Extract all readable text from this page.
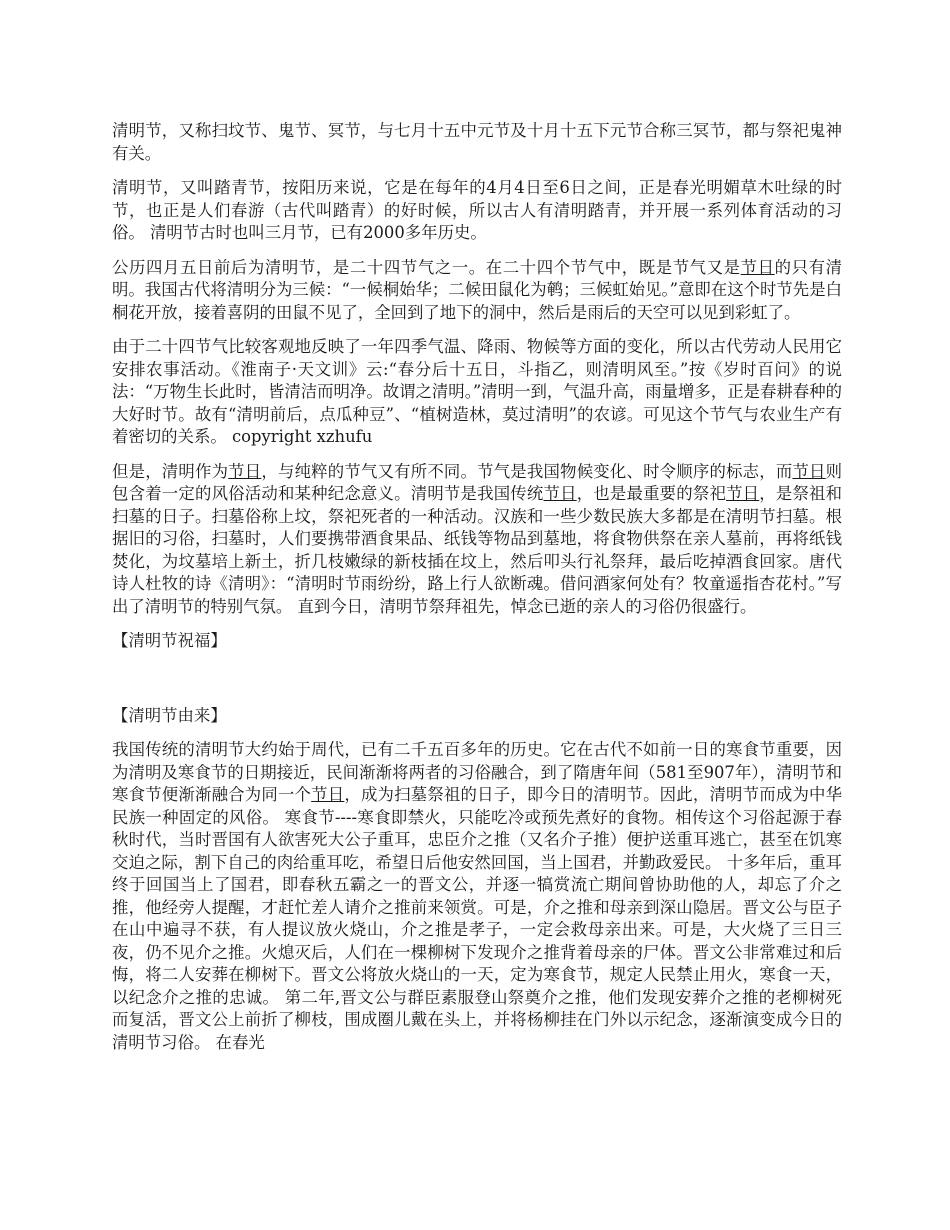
清明节，又称扫坟节、鬼节、冥节，与七月十五中元节及十月十五下元节合称三冥节，都与祭祀鬼神有关。

清明节，又叫踏青节，按阳历来说，它是在每年的4月4日至6日之间，正是春光明媚草木吐绿的时节，也正是人们春游（古代叫踏青）的好时候，所以古人有清明踏青，并开展一系列体育活动的习俗。 清明节古时也叫三月节，已有2000多年历史。

公历四月五日前后为清明节，是二十四节气之一。在二十四个节气中，既是节气又是节日的只有清明。我国古代将清明分为三候：“一候桐始华；二候田鼠化为鹌；三候虹始见。”意即在这个时节先是白桐花开放，接着喜阴的田鼠不见了，全回到了地下的洞中，然后是雨后的天空可以见到彩虹了。

由于二十四节气比较客观地反映了一年四季气温、降雨、物候等方面的变化，所以古代劳动人民用它安排农事活动。《淮南子·天文训》云:“春分后十五日，斗指乙，则清明风至。”按《岁时百问》的说法：“万物生长此时，皆清洁而明净。故谓之清明。”清明一到，气温升高，雨量增多，正是春耕春种的大好时节。故有“清明前后，点瓜种豆”、“植树造林，莫过清明”的农谚。可见这个节气与农业生产有着密切的关系。 copyright xzhufu

但是，清明作为节日，与纯粹的节气又有所不同。节气是我国物候变化、时令顺序的标志，而节日则包含着一定的风俗活动和某种纪念意义。清明节是我国传统节日，也是最重要的祭祀节日，是祭祖和扫墓的日子。扫墓俗称上坟，祭祀死者的一种活动。汉族和一些少数民族大多都是在清明节扫墓。根据旧的习俗，扫墓时，人们要携带酒食果品、纸钱等物品到墓地，将食物供祭在亲人墓前，再将纸钱焚化，为坟墓培上新土，折几枝嫩绿的新枝插在坟上，然后叩头行礼祭拜，最后吃掉酒食回家。唐代诗人杜牧的诗《清明》：“清明时节雨纷纷，路上行人欲断魂。借问酒家何处有？牧童遥指杏花村。”写出了清明节的特别气氛。 直到今日，清明节祭拜祖先，悼念已逝的亲人的习俗仍很盛行。

【清明节祝福】

【清明节由来】

我国传统的清明节大约始于周代，已有二千五百多年的历史。它在古代不如前一日的寒食节重要，因为清明及寒食节的日期接近，民间渐渐将两者的习俗融合，到了隋唐年间（581至907年），清明节和寒食节便渐渐融合为同一个节日，成为扫墓祭祖的日子，即今日的清明节。因此，清明节而成为中华民族一种固定的风俗。 寒食节----寒食即禁火，只能吃冷或预先煮好的食物。相传这个习俗起源于春秋时代，当时晋国有人欲害死大公子重耳，忠臣介之推（又名介子推）便护送重耳逃亡，甚至在饥寒交迫之际，割下自己的肉给重耳吃，希望日后他安然回国，当上国君，并勤政爱民。 十多年后，重耳终于回国当上了国君，即春秋五霸之一的晋文公，并逐一犒赏流亡期间曾协助他的人，却忘了介之推，他经旁人提醒，才赶忙差人请介之推前来领赏。可是，介之推和母亲到深山隐居。晋文公与臣子在山中遍寻不获，有人提议放火烧山，介之推是孝子，一定会救母亲出来。可是，大火烧了三日三夜，仍不见介之推。火熄灭后，人们在一棵柳树下发现介之推背着母亲的尸体。晋文公非常难过和后悔，将二人安葬在柳树下。晋文公将放火烧山的一天，定为寒食节，规定人民禁止用火，寒食一天，以纪念介之推的忠诚。 第二年,晋文公与群臣素服登山祭奠介之推，他们发现安葬介之推的老柳树死而复活，晋文公上前折了柳枝，围成圈儿戴在头上，并将杨柳挂在门外以示纪念，逐渐演变成今日的清明节习俗。 在春光
